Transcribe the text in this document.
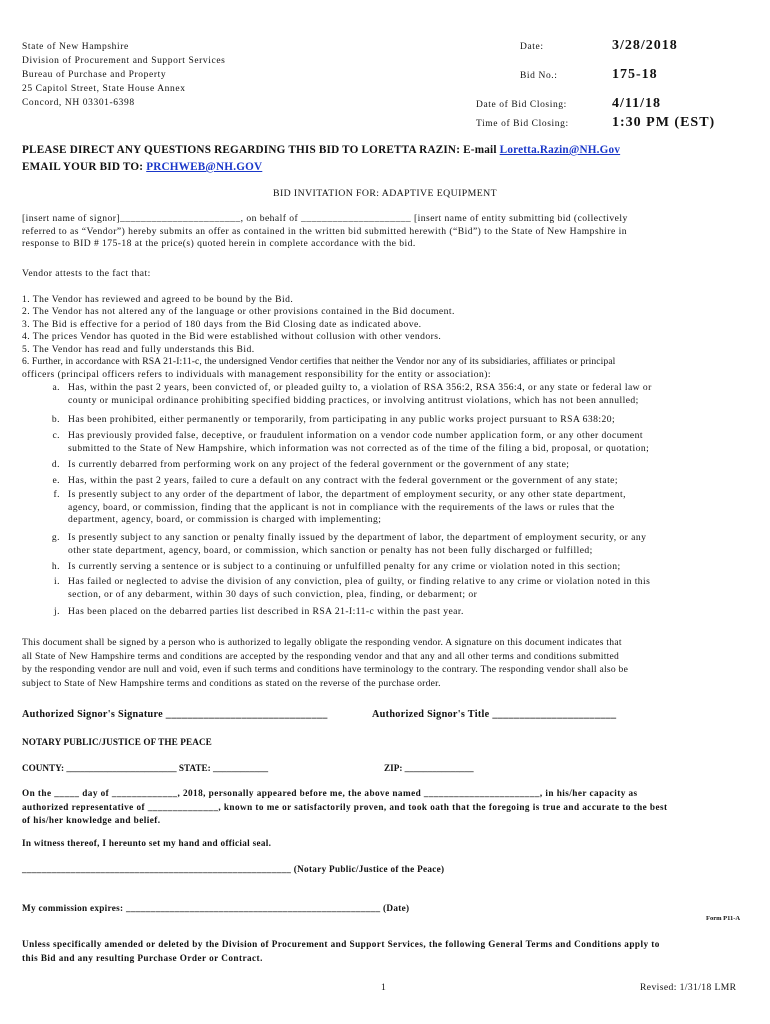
State of New Hampshire
Division of Procurement and Support Services
Bureau of Purchase and Property
25 Capitol Street, State House Annex
Concord, NH 03301-6398
Date:	3/28/2018
Bid No.:	175-18
Date of Bid Closing:	4/11/18
Time of Bid Closing:	1:30 PM (EST)
PLEASE DIRECT ANY QUESTIONS REGARDING THIS BID TO LORETTA RAZIN: E-mail Loretta.Razin@NH.Gov
EMAIL YOUR BID TO: PRCHWEB@NH.GOV
BID INVITATION FOR: ADAPTIVE EQUIPMENT
[insert name of signor]_______________________, on behalf of _____________________ [insert name of entity submitting bid (collectively
referred to as “Vendor”) hereby submits an offer as contained in the written bid submitted herewith (“Bid”) to the State of New Hampshire in
response to BID # 175-18 at the price(s) quoted herein in complete accordance with the bid.
Vendor attests to the fact that:
1. The Vendor has reviewed and agreed to be bound by the Bid.
2. The Vendor has not altered any of the language or other provisions contained in the Bid document.
3. The Bid is effective for a period of 180 days from the Bid Closing date as indicated above.
4. The prices Vendor has quoted in the Bid were established without collusion with other vendors.
5. The Vendor has read and fully understands this Bid.
6. Further, in accordance with RSA 21-I:11-c, the undersigned Vendor certifies that neither the Vendor nor any of its subsidiaries, affiliates or principal
officers (principal officers refers to individuals with management responsibility for the entity or association):
a. Has, within the past 2 years, been convicted of, or pleaded guilty to, a violation of RSA 356:2, RSA 356:4, or any state or federal law or
county or municipal ordinance prohibiting specified bidding practices, or involving antitrust violations, which has not been annulled;
b. Has been prohibited, either permanently or temporarily, from participating in any public works project pursuant to RSA 638:20;
c. Has previously provided false, deceptive, or fraudulent information on a vendor code number application form, or any other document
submitted to the State of New Hampshire, which information was not corrected as of the time of the filing a bid, proposal, or quotation;
d. Is currently debarred from performing work on any project of the federal government or the government of any state;
e. Has, within the past 2 years, failed to cure a default on any contract with the federal government or the government of any state;
f. Is presently subject to any order of the department of labor, the department of employment security, or any other state department,
agency, board, or commission, finding that the applicant is not in compliance with the requirements of the laws or rules that the
department, agency, board, or commission is charged with implementing;
g. Is presently subject to any sanction or penalty finally issued by the department of labor, the department of employment security, or any
other state department, agency, board, or commission, which sanction or penalty has not been fully discharged or fulfilled;
h. Is currently serving a sentence or is subject to a continuing or unfulfilled penalty for any crime or violation noted in this section;
i. Has failed or neglected to advise the division of any conviction, plea of guilty, or finding relative to any crime or violation noted in this
section, or of any debarment, within 30 days of such conviction, plea, finding, or debarment; or
j. Has been placed on the debarred parties list described in RSA 21-I:11-c within the past year.
This document shall be signed by a person who is authorized to legally obligate the responding vendor. A signature on this document indicates that
all State of New Hampshire terms and conditions are accepted by the responding vendor and that any and all other terms and conditions submitted
by the responding vendor are null and void, even if such terms and conditions have terminology to the contrary. The responding vendor shall also be
subject to State of New Hampshire terms and conditions as stated on the reverse of the purchase order.
Authorized Signor's Signature ______________________________	Authorized Signor's Title _______________________
NOTARY PUBLIC/JUSTICE OF THE PEACE
COUNTY: ________________________ STATE: ____________	ZIP: _______________
On the _____ day of _____________, 2018, personally appeared before me, the above named _______________________, in his/her capacity as
authorized representative of ______________, known to me or satisfactorily proven, and took oath that the foregoing is true and accurate to the best
of his/her knowledge and belief.
In witness thereof, I hereunto set my hand and official seal.
_______________________________________________________ (Notary Public/Justice of the Peace)
My commission expires: ____________________________________________________ (Date)
Form P11-A
Unless specifically amended or deleted by the Division of Procurement and Support Services, the following General Terms and Conditions apply to
this Bid and any resulting Purchase Order or Contract.
1	Revised: 1/31/18 LMR
